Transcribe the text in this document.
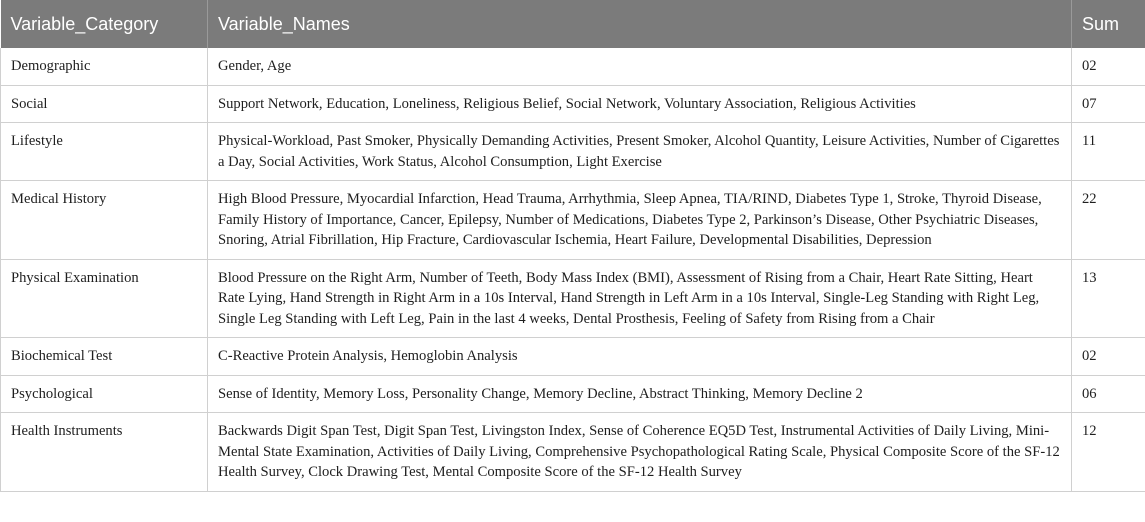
Variable_Category	Variable_Names	Sum
Demographic	Gender, Age	02
Social	Support Network, Education, Loneliness, Religious Belief, Social Network, Voluntary Association, Religious Activities	07
Lifestyle	Physical-Workload, Past Smoker, Physically Demanding Activities, Present Smoker, Alcohol Quantity, Leisure Activities, Number of Cigarettes a Day, Social Activities, Work Status, Alcohol Consumption, Light Exercise	11
Medical History	High Blood Pressure, Myocardial Infarction, Head Trauma, Arrhythmia, Sleep Apnea, TIA/RIND, Diabetes Type 1, Stroke, Thyroid Disease, Family History of Importance, Cancer, Epilepsy, Number of Medications, Diabetes Type 2, Parkinson’s Disease, Other Psychiatric Diseases, Snoring, Atrial Fibrillation, Hip Fracture, Cardiovascular Ischemia, Heart Failure, Developmental Disabilities, Depression	22
Physical Examination	Blood Pressure on the Right Arm, Number of Teeth, Body Mass Index (BMI), Assessment of Rising from a Chair, Heart Rate Sitting, Heart Rate Lying, Hand Strength in Right Arm in a 10s Interval, Hand Strength in Left Arm in a 10s Interval, Single-Leg Standing with Right Leg, Single Leg Standing with Left Leg, Pain in the last 4 weeks, Dental Prosthesis, Feeling of Safety from Rising from a Chair	13
Biochemical Test	C-Reactive Protein Analysis, Hemoglobin Analysis	02
Psychological	Sense of Identity, Memory Loss, Personality Change, Memory Decline, Abstract Thinking, Memory Decline 2	06
Health Instruments	Backwards Digit Span Test, Digit Span Test, Livingston Index, Sense of Coherence EQ5D Test, Instrumental Activities of Daily Living, Mini-Mental State Examination, Activities of Daily Living, Comprehensive Psychopathological Rating Scale, Physical Composite Score of the SF-12 Health Survey, Clock Drawing Test, Mental Composite Score of the SF-12 Health Survey	12
